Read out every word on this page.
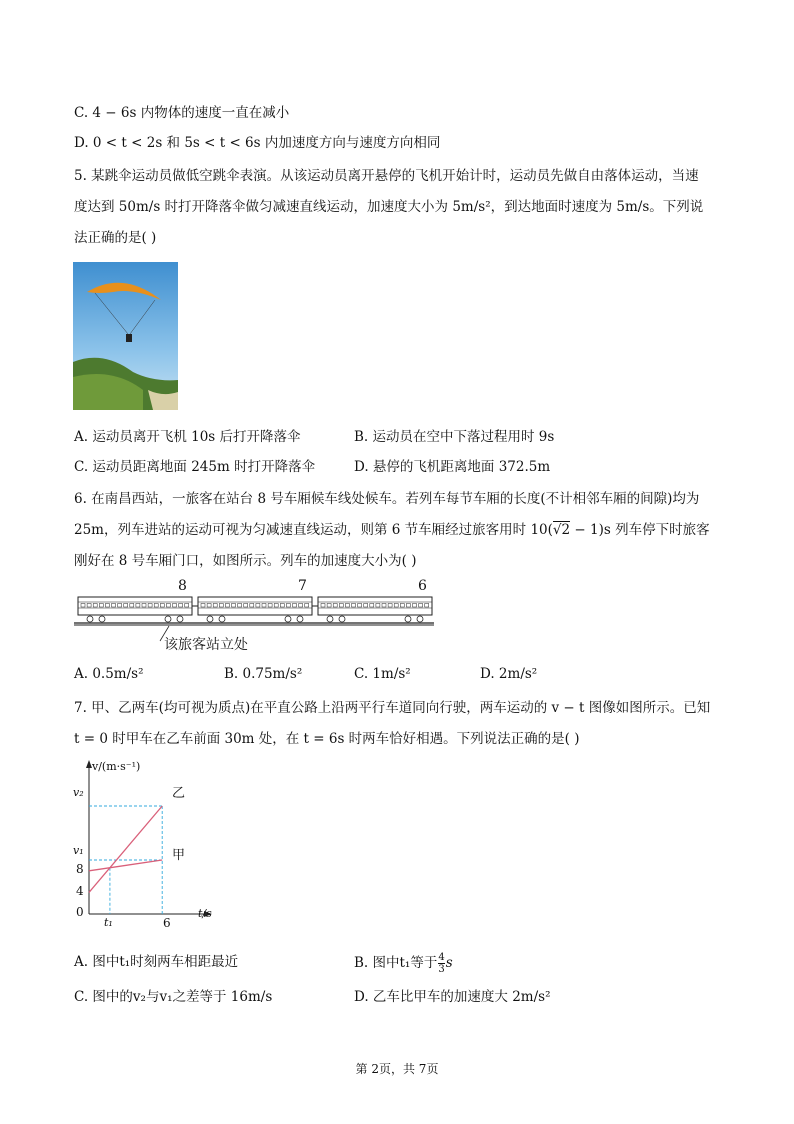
C. 4 − 6s 内物体的速度一直在减小
D. 0 < t < 2s 和 5s < t < 6s 内加速度方向与速度方向相同
5. 某跳伞运动员做低空跳伞表演。从该运动员离开悬停的飞机开始计时，运动员先做自由落体运动，当速
度达到 50m/s 时打开降落伞做匀减速直线运动，加速度大小为 5m/s²，到达地面时速度为 5m/s。下列说
法正确的是( )
A. 运动员离开飞机 10s 后打开降落伞	B. 运动员在空中下落过程用时 9s
C. 运动员距离地面 245m 时打开降落伞	D. 悬停的飞机距离地面 372.5m
6. 在南昌西站，一旅客在站台 8 号车厢候车线处候车。若列车每节车厢的长度(不计相邻车厢的间隙)均为
25m，列车进站的运动可视为匀减速直线运动，则第 6 节车厢经过旅客用时 10(√2 − 1)s 列车停下时旅客
刚好在 8 号车厢门口，如图所示。列车的加速度大小为( )
8	7	6
该旅客站立处
A. 0.5m/s²	B. 0.75m/s²	C. 1m/s²	D. 2m/s²
7. 甲、乙两车(均可视为质点)在平直公路上沿两平行车道同向行驶，两车运动的 v − t 图像如图所示。已知
t = 0 时甲车在乙车前面 30m 处，在 t = 6s 时两车恰好相遇。下列说法正确的是( )
v/(m·s⁻¹)
t/s
0
4
8
v₁
v₂
t₁	6
乙
甲
A. 图中t₁时刻两车相距最近	B. 图中t₁等于 $\frac{4}{3}$ s
C. 图中的v₂与v₁之差等于 16m/s	D. 乙车比甲车的加速度大 2m/s²
第 2页，共 7页
